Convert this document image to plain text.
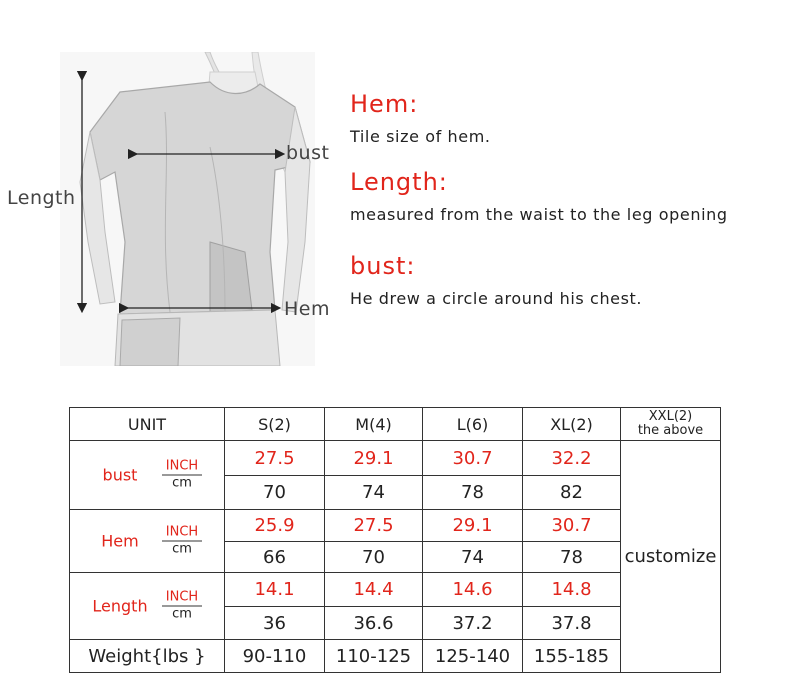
Length
bust
Hem
Hem:
Tile size of hem.
Length:
measured from the waist to the leg opening
bust:
He drew a circle around his chest.
UNIT	S(2)	M(4)	L(6)	XL(2)	XXL(2)
the above

bust INCH
cm	27.5	29.1	30.7	32.2	customize
	70	74	78	82	

Hem INCH
cm	25.9	27.5	29.1	30.7	
	66	70	74	78	

Length INCH
cm	14.1	14.4	14.6	14.8	
	36	36.6	37.2	37.8	
Weight{lbs }	90-110	110-125	125-140	155-185	
